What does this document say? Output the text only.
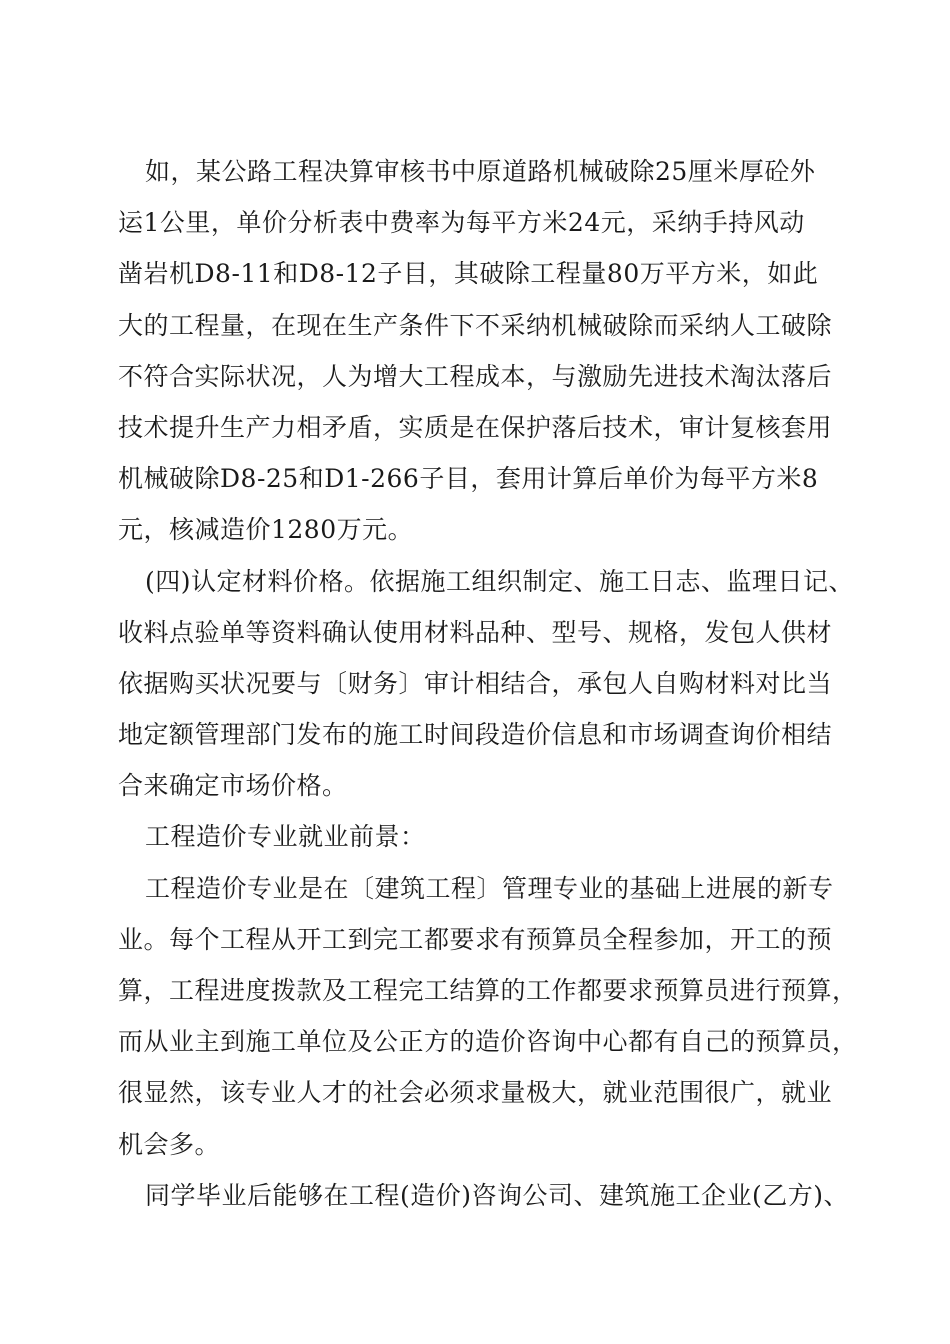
如，某公路工程决算审核书中原道路机械破除25厘米厚砼外
运1公里，单价分析表中费率为每平方米24元，采纳手持风动
凿岩机D8-11和D8-12子目，其破除工程量80万平方米，如此
大的工程量，在现在生产条件下不采纳机械破除而采纳人工破除
不符合实际状况，人为增大工程成本，与激励先进技术淘汰落后
技术提升生产力相矛盾，实质是在保护落后技术，审计复核套用
机械破除D8-25和D1-266子目，套用计算后单价为每平方米8
元，核减造价1280万元。
(四)认定材料价格。依据施工组织制定、施工日志、监理日记、
收料点验单等资料确认使用材料品种、型号、规格，发包人供材
依据购买状况要与〔财务〕审计相结合，承包人自购材料对比当
地定额管理部门发布的施工时间段造价信息和市场调查询价相结
合来确定市场价格。
工程造价专业就业前景：
工程造价专业是在〔建筑工程〕管理专业的基础上进展的新专
业。每个工程从开工到完工都要求有预算员全程参加，开工的预
算，工程进度拨款及工程完工结算的工作都要求预算员进行预算，
而从业主到施工单位及公正方的造价咨询中心都有自己的预算员，
很显然，该专业人才的社会必须求量极大，就业范围很广，就业
机会多。
同学毕业后能够在工程(造价)咨询公司、建筑施工企业(乙方)、
